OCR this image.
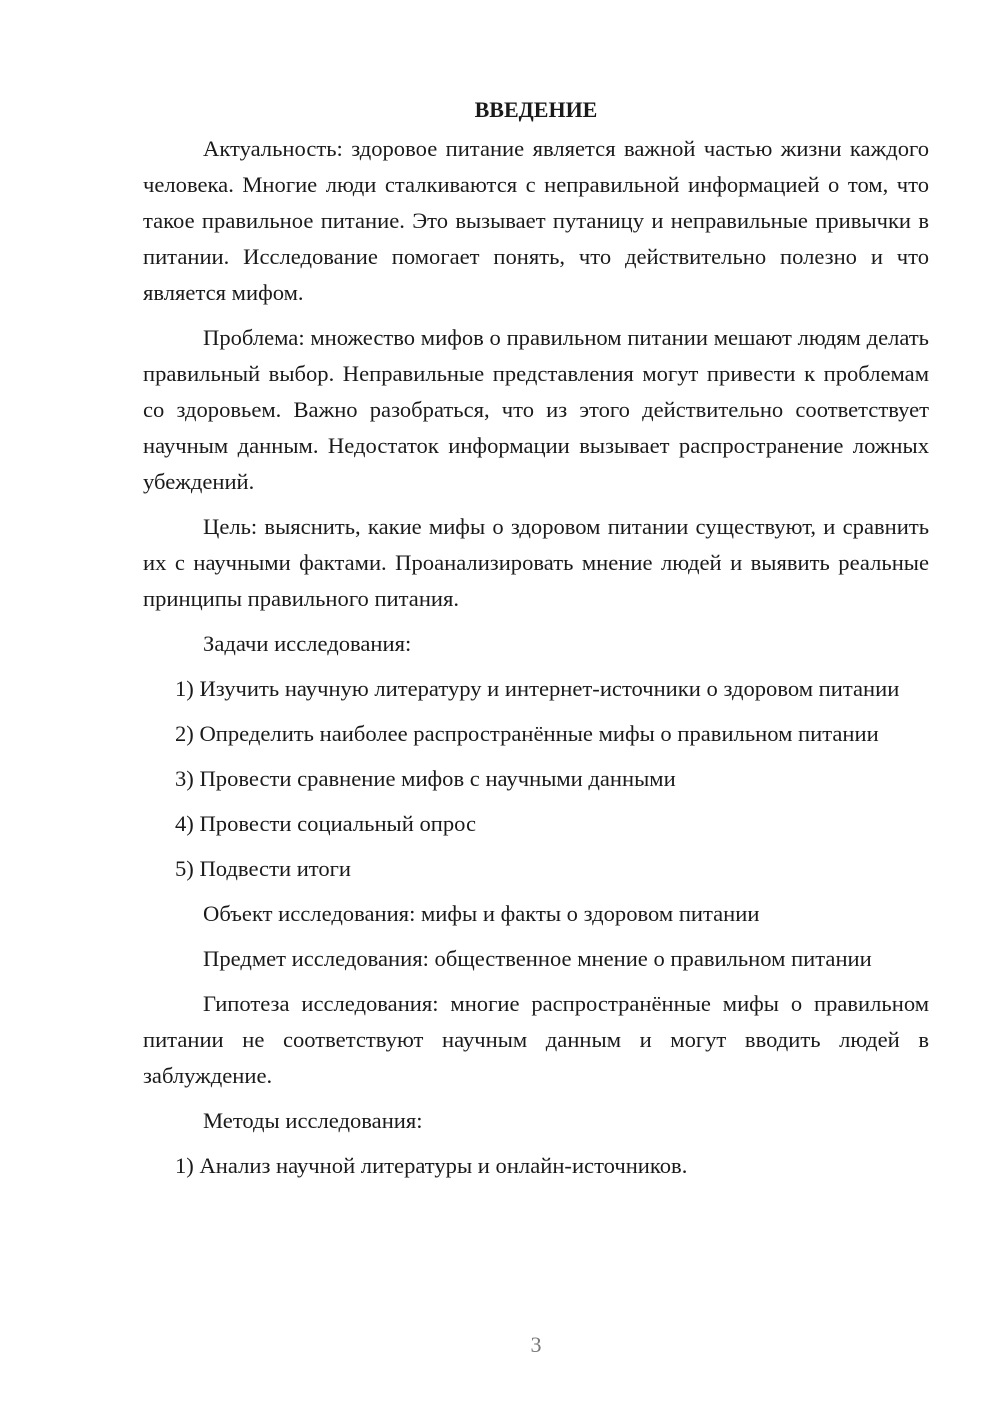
ВВЕДЕНИЕ

Актуальность: здоровое питание является важной частью жизни каждого человека. Многие люди сталкиваются с неправильной информацией о том, что такое правильное питание. Это вызывает путаницу и неправильные привычки в питании. Исследование помогает понять, что действительно полезно и что является мифом.

Проблема: множество мифов о правильном питании мешают людям делать правильный выбор. Неправильные представления могут привести к проблемам со здоровьем. Важно разобраться, что из этого действительно соответствует научным данным. Недостаток информации вызывает распространение ложных убеждений.

Цель: выяснить, какие мифы о здоровом питании существуют, и сравнить их с научными фактами. Проанализировать мнение людей и выявить реальные принципы правильного питания.

Задачи исследования:

1) Изучить научную литературу и интернет-источники о здоровом питании

2) Определить наиболее распространённые мифы о правильном питании

3) Провести сравнение мифов с научными данными

4) Провести социальный опрос

5) Подвести итоги

Объект исследования: мифы и факты о здоровом питании

Предмет исследования: общественное мнение о правильном питании

Гипотеза исследования: многие распространённые мифы о правильном питании не соответствуют научным данным и могут вводить людей в заблуждение.

Методы исследования:

1) Анализ научной литературы и онлайн-источников.

3
